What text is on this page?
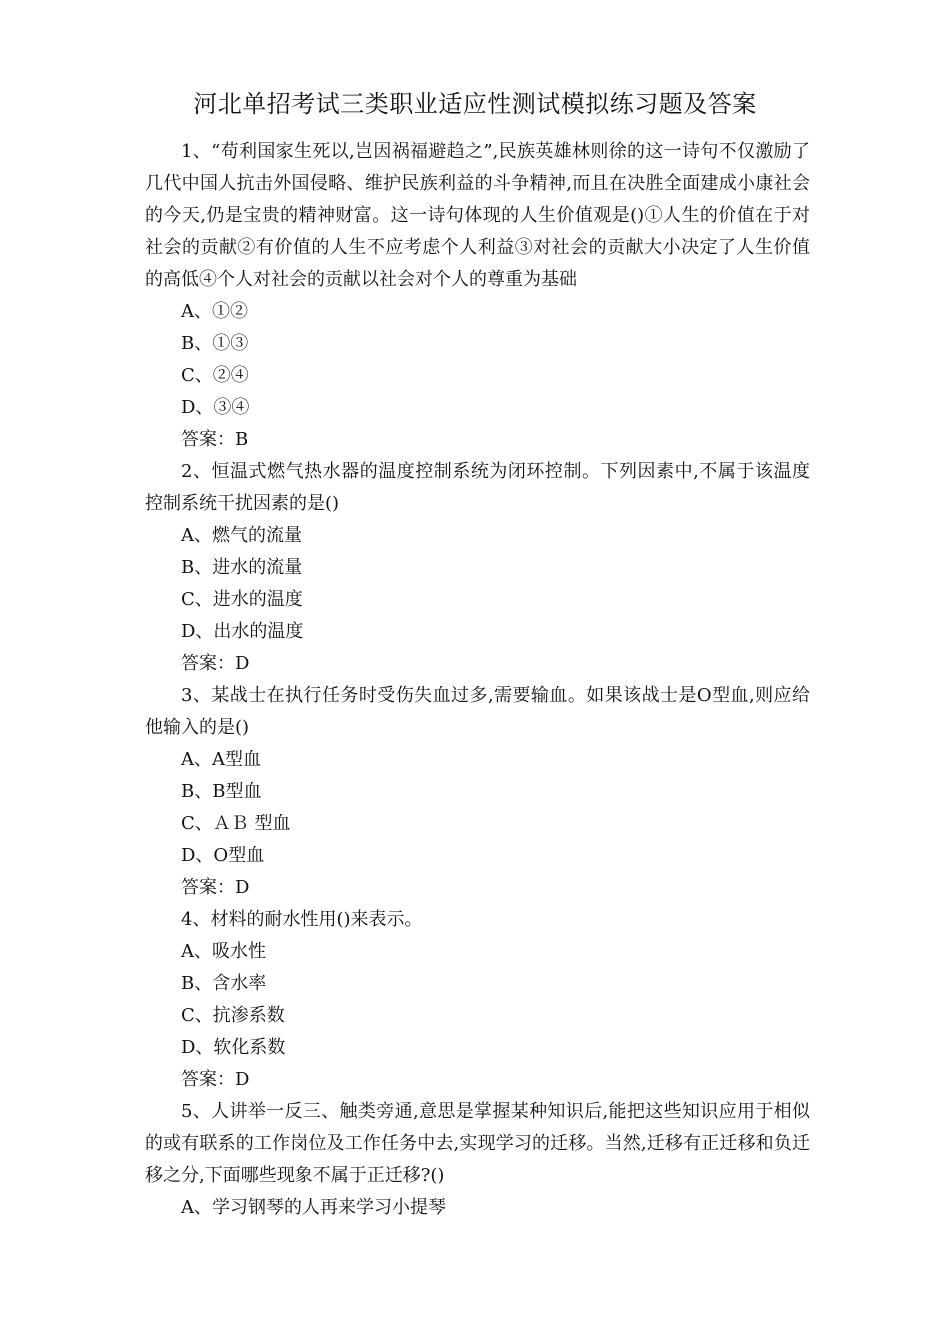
河北单招考试三类职业适应性测试模拟练习题及答案

1、“苟利国家生死以,岂因祸福避趋之”,民族英雄林则徐的这一诗句不仅激励了几代中国人抗击外国侵略、维护民族利益的斗争精神,而且在决胜全面建成小康社会的今天,仍是宝贵的精神财富。这一诗句体现的人生价值观是()①人生的价值在于对社会的贡献②有价值的人生不应考虑个人利益③对社会的贡献大小决定了人生价值的高低④个人对社会的贡献以社会对个人的尊重为基础

A、①②

B、①③

C、②④

D、③④

答案：B

2、恒温式燃气热水器的温度控制系统为闭环控制。下列因素中,不属于该温度控制系统干扰因素的是()

A、燃气的流量

B、进水的流量

C、进水的温度

D、出水的温度

答案：D

3、某战士在执行任务时受伤失血过多,需要输血。如果该战士是O型血,则应给他输入的是()

A、A型血

B、B型血

C、ＡＢ 型血

D、O型血

答案：D

4、材料的耐水性用()来表示。

A、吸水性

B、含水率

C、抗渗系数

D、软化系数

答案：D

5、人讲举一反三、触类旁通,意思是掌握某种知识后,能把这些知识应用于相似的或有联系的工作岗位及工作任务中去,实现学习的迁移。当然,迁移有正迁移和负迁移之分,下面哪些现象不属于正迁移?()

A、学习钢琴的人再来学习小提琴
